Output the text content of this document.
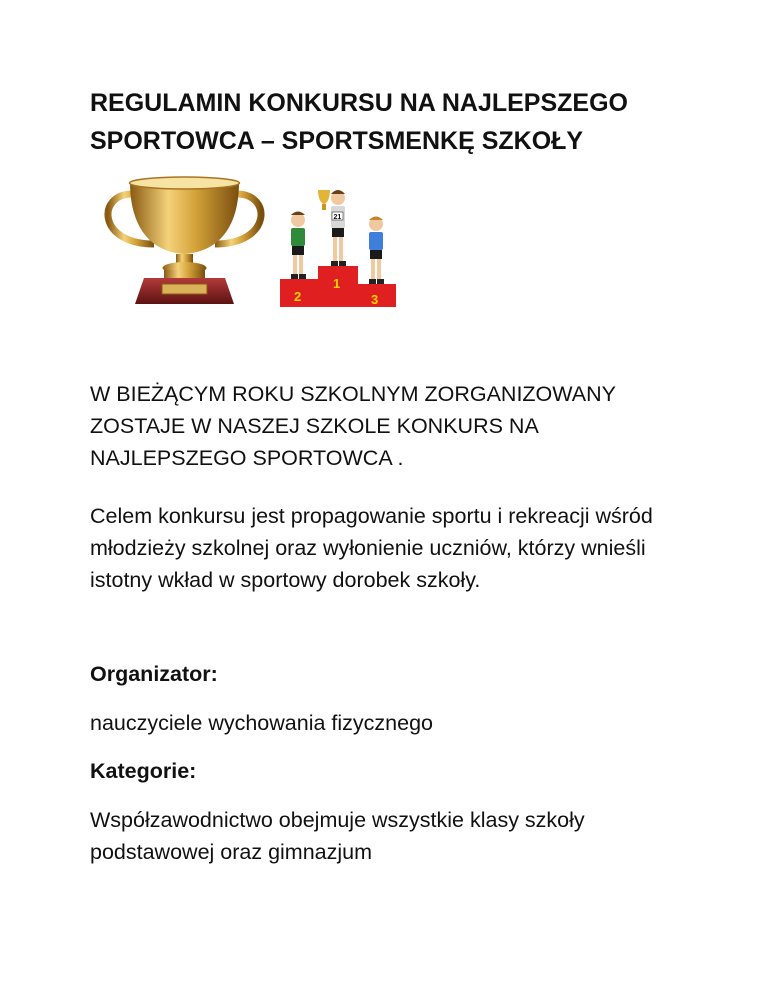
REGULAMIN KONKURSU NA NAJLEPSZEGO
SPORTOWCA – SPORTSMENKĘ SZKOŁY
2
1
3
21

W BIEŻĄCYM ROKU SZKOLNYM ZORGANIZOWANY ZOSTAJE W NASZEJ SZKOLE KONKURS NA NAJLEPSZEGO SPORTOWCA .

Celem konkursu jest propagowanie sportu i rekreacji wśród młodzieży szkolnej oraz wyłonienie uczniów, którzy wnieśli istotny wkład w sportowy dorobek szkoły.

Organizator:

nauczyciele wychowania fizycznego

Kategorie:

Współzawodnictwo obejmuje wszystkie klasy szkoły podstawowej oraz gimnazjum
